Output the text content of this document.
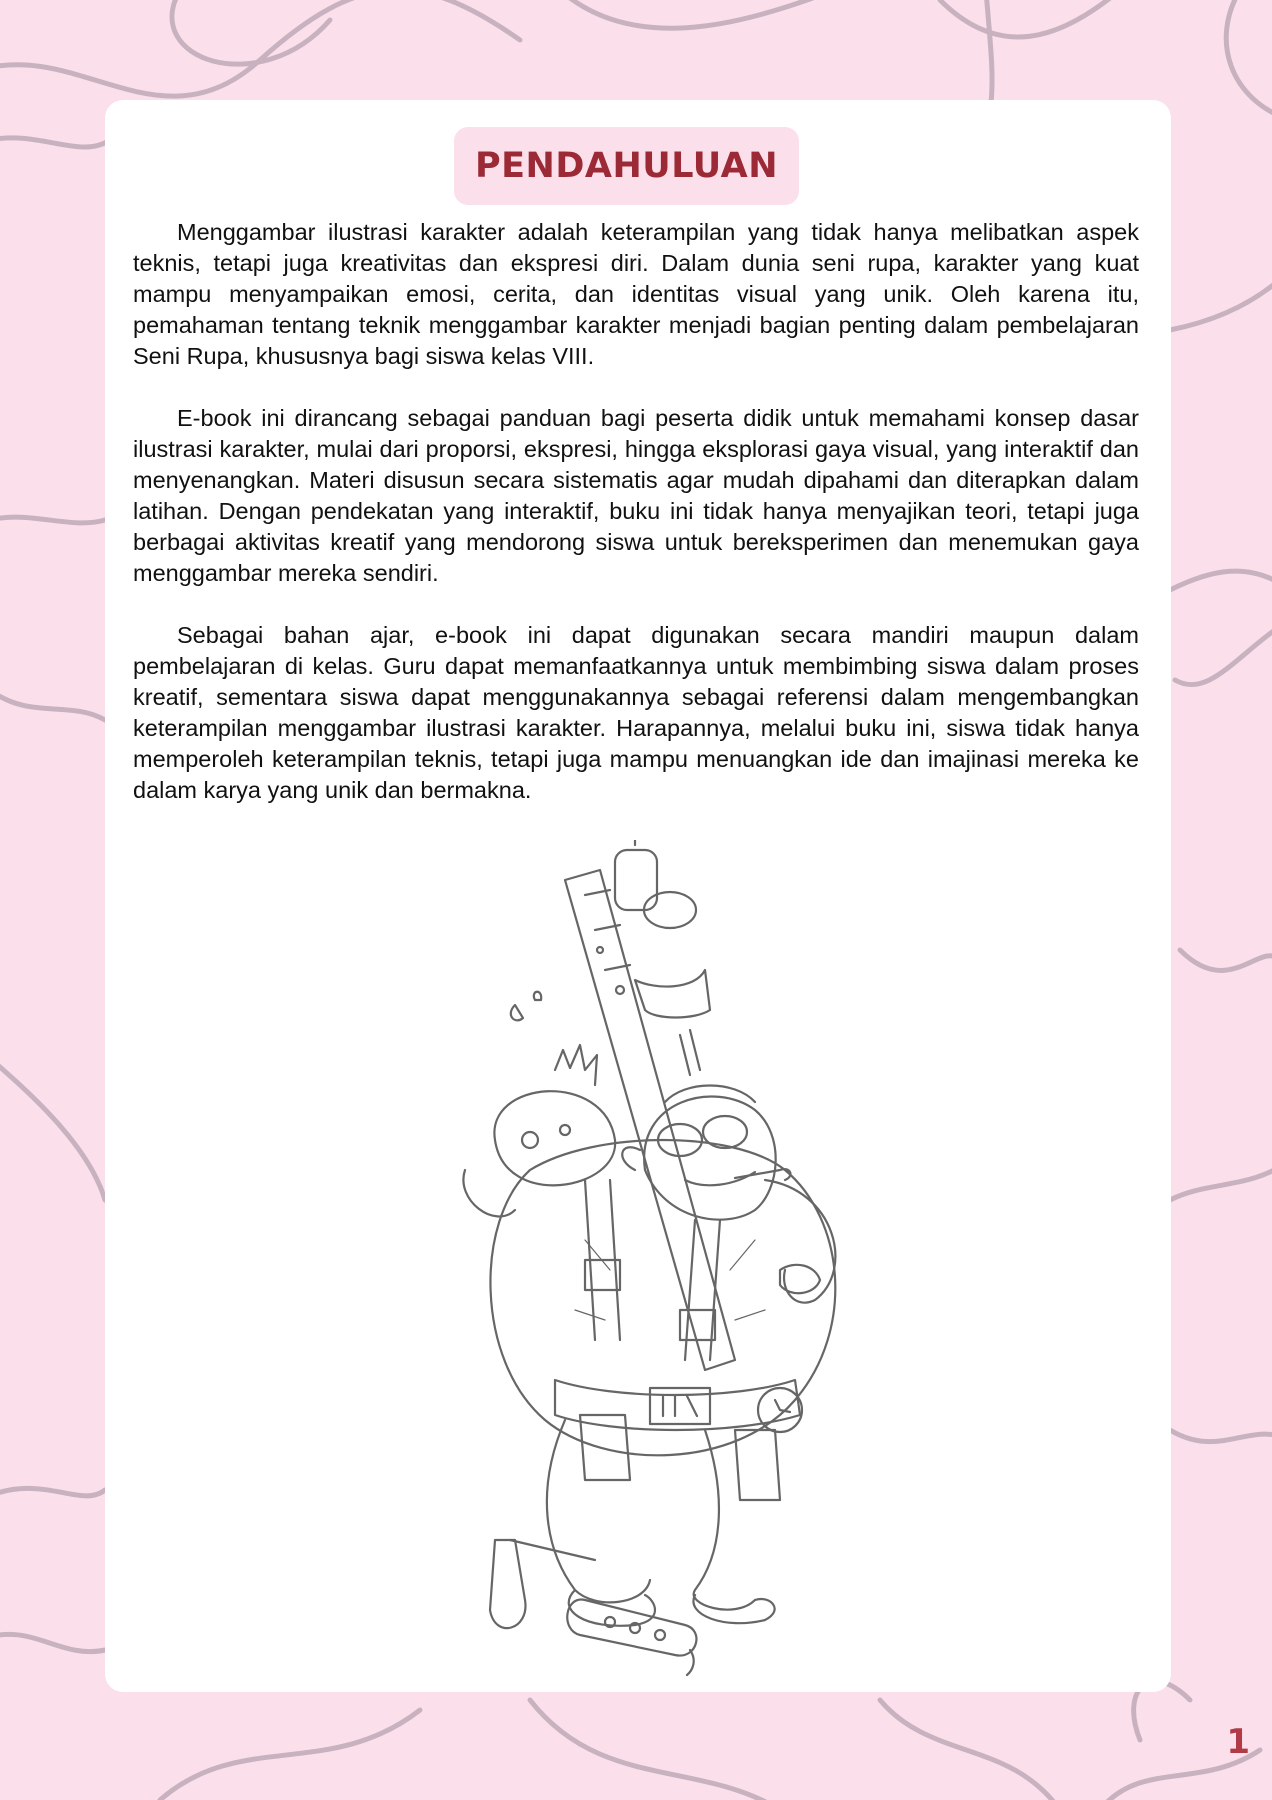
PENDAHULUAN

Menggambar ilustrasi karakter adalah keterampilan yang tidak hanya melibatkan aspek teknis, tetapi juga kreativitas dan ekspresi diri. Dalam dunia seni rupa, karakter yang kuat mampu menyampaikan emosi, cerita, dan identitas visual yang unik. Oleh karena itu, pemahaman tentang teknik menggambar karakter menjadi bagian penting dalam pembelajaran Seni Rupa, khususnya bagi siswa kelas VIII.

E-book ini dirancang sebagai panduan bagi peserta didik untuk memahami konsep dasar ilustrasi karakter, mulai dari proporsi, ekspresi, hingga eksplorasi gaya visual, yang interaktif dan menyenangkan. Materi disusun secara sistematis agar mudah dipahami dan diterapkan dalam latihan. Dengan pendekatan yang interaktif, buku ini tidak hanya menyajikan teori, tetapi juga berbagai aktivitas kreatif yang mendorong siswa untuk bereksperimen dan menemukan gaya menggambar mereka sendiri.

Sebagai bahan ajar, e-book ini dapat digunakan secara mandiri maupun dalam pembelajaran di kelas. Guru dapat memanfaatkannya untuk membimbing siswa dalam proses kreatif, sementara siswa dapat menggunakannya sebagai referensi dalam mengembangkan keterampilan menggambar ilustrasi karakter. Harapannya, melalui buku ini, siswa tidak hanya memperoleh keterampilan teknis, tetapi juga mampu menuangkan ide dan imajinasi mereka ke dalam karya yang unik dan bermakna.

1
